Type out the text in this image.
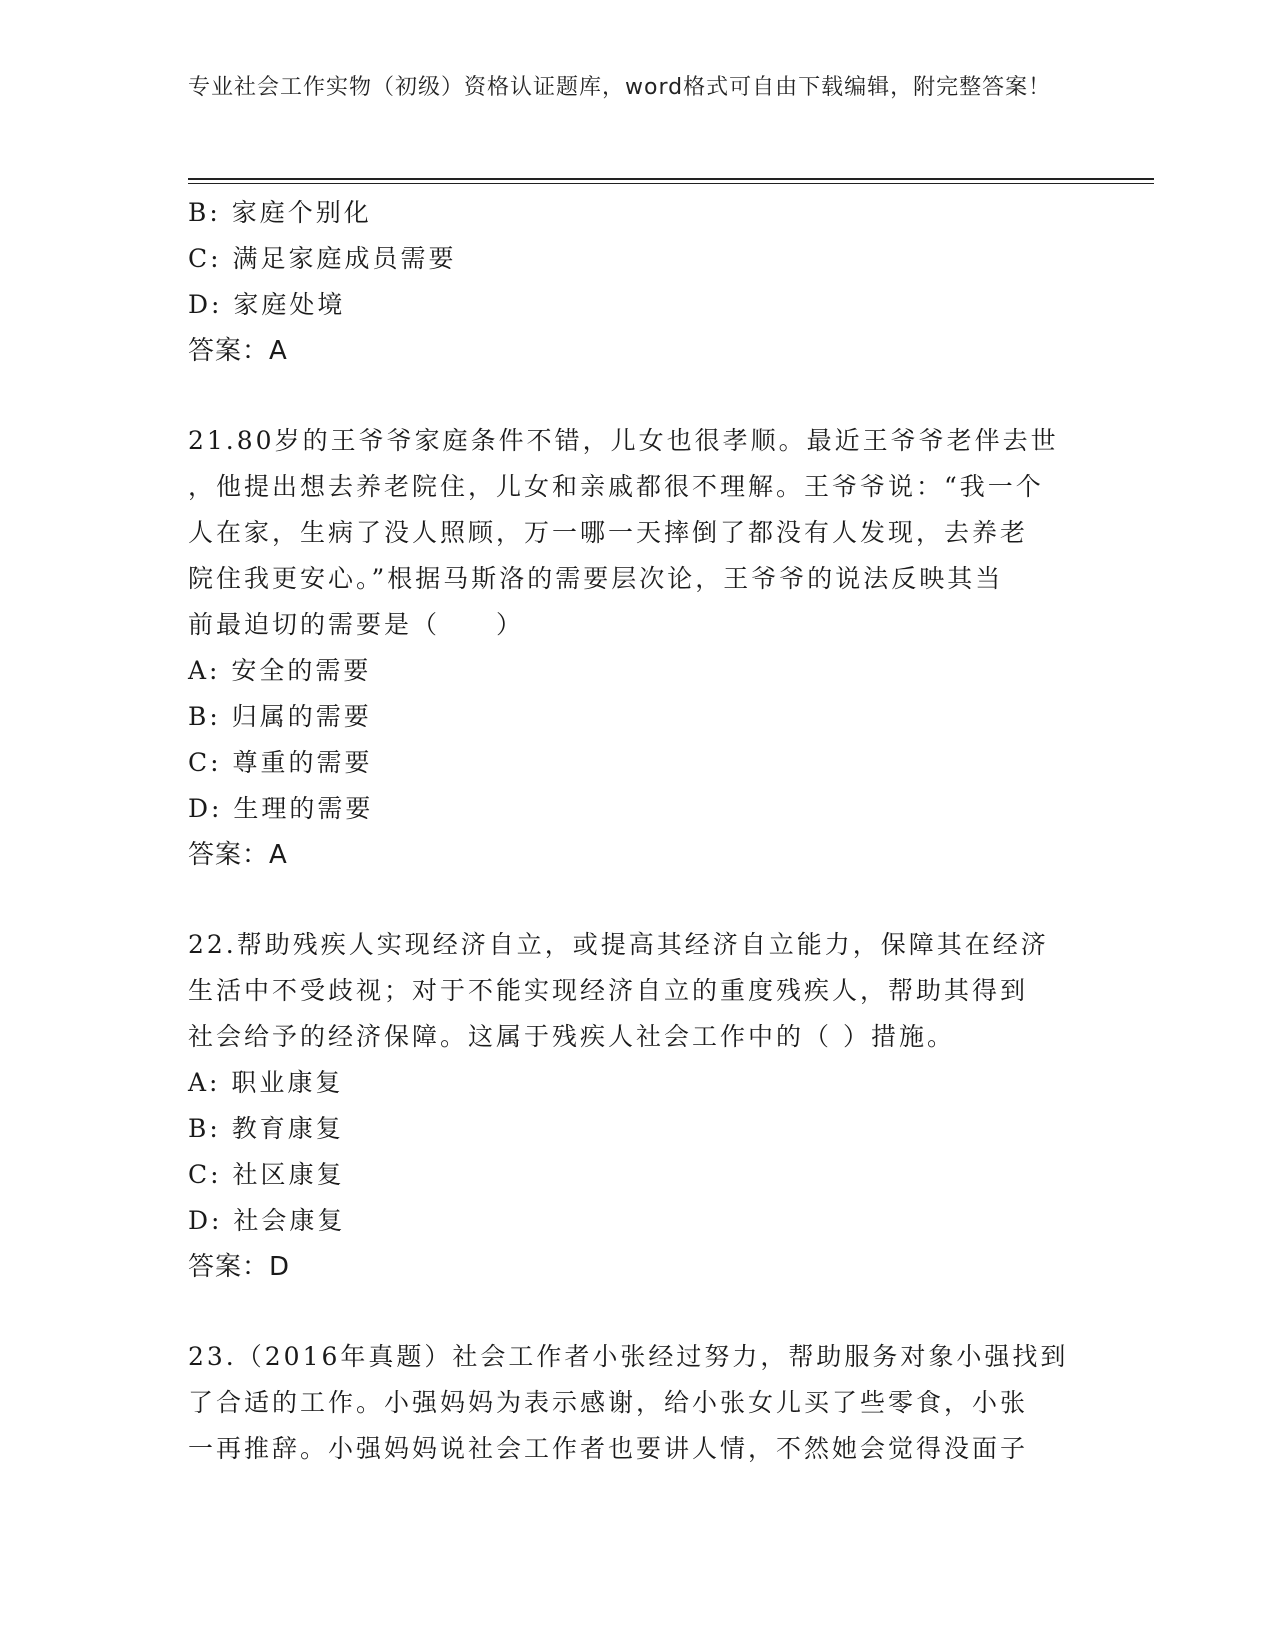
专业社会工作实物（初级）资格认证题库，word格式可自由下载编辑，附完整答案！
B: 家庭个别化
C: 满足家庭成员需要
D: 家庭处境
答案：A
21.80岁的王爷爷家庭条件不错，儿女也很孝顺。最近王爷爷老伴去世
，他提出想去养老院住，儿女和亲戚都很不理解。王爷爷说：“我一个
人在家，生病了没人照顾，万一哪一天摔倒了都没有人发现，去养老
院住我更安心。”根据马斯洛的需要层次论，王爷爷的说法反映其当
前最迫切的需要是（　　）
A: 安全的需要
B: 归属的需要
C: 尊重的需要
D: 生理的需要
答案：A
22.帮助残疾人实现经济自立，或提高其经济自立能力，保障其在经济
生活中不受歧视；对于不能实现经济自立的重度残疾人，帮助其得到
社会给予的经济保障。这属于残疾人社会工作中的（ ）措施。
A: 职业康复
B: 教育康复
C: 社区康复
D: 社会康复
答案：D
23.（2016年真题）社会工作者小张经过努力，帮助服务对象小强找到
了合适的工作。小强妈妈为表示感谢，给小张女儿买了些零食，小张
一再推辞。小强妈妈说社会工作者也要讲人情，不然她会觉得没面子
